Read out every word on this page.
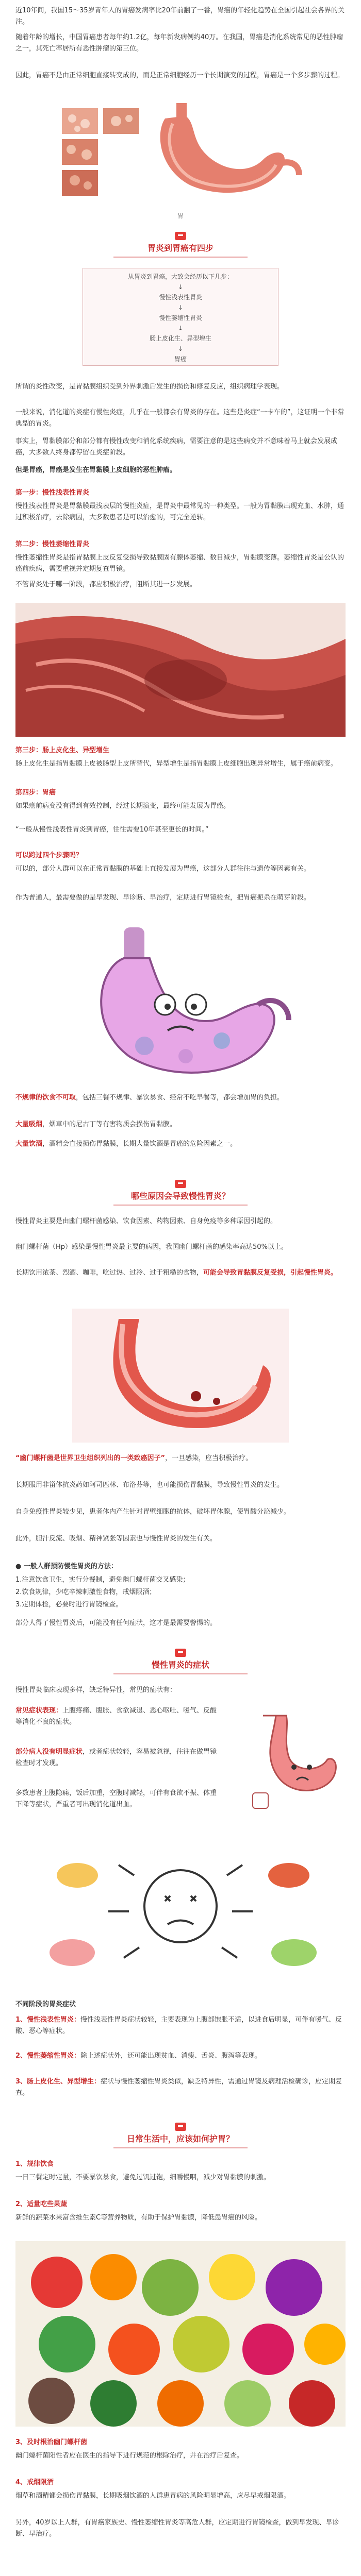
近10年间，我国15～35岁青年人的胃癌发病率比20年前翻了一番，胃癌的年轻化趋势在全国引起社会各界的关注。

随着年龄的增长，中国胃癌患者每年约1.2亿，每年新发病例约40万。在我国，胃癌是消化系统常见的恶性肿瘤之一，其死亡率居所有恶性肿瘤的第三位。

因此，胃癌不是由正常细胞直接转变成的，而是正常细胞经历一个长期演变的过程，胃癌是一个多步骤的过程。

胃
胃炎到胃癌有四步
从胃炎到胃癌，大致会经历以下几步：
↓
慢性浅表性胃炎
↓
慢性萎缩性胃炎
↓
肠上皮化生、异型增生
↓
胃癌

所谓的炎性改变，是胃黏膜组织受到外界刺激后发生的损伤和修复反应，组织病理学表现。

一般来说，消化道的炎症有慢性炎症，几乎在一般都会有胃炎的存在。这些是炎症“一卡车的”，这证明一个非常典型的胃炎。

事实上，胃黏膜部分和部分都有慢性改变和消化系统疾病，需要注意的是这些病变并不意味着马上就会发展成癌，大多数人终身都停留在炎症阶段。

但是胃癌，胃癌是发生在胃黏膜上皮细胞的恶性肿瘤。

第一步：慢性浅表性胃炎

慢性浅表性胃炎是胃黏膜最浅表层的慢性炎症，是胃炎中最常见的一种类型。一般为胃黏膜出现充血、水肿，通过积极治疗，去除病因，大多数患者是可以治愈的，可完全逆转。

第二步：慢性萎缩性胃炎

慢性萎缩性胃炎是指胃黏膜上皮反复受损导致黏膜固有腺体萎缩、数目减少，胃黏膜变薄。萎缩性胃炎是公认的癌前疾病，需要重视并定期复查胃镜。

不管胃炎处于哪一阶段，都应积极治疗，阻断其进一步发展。

第三步：肠上皮化生、异型增生

肠上皮化生是指胃黏膜上皮被肠型上皮所替代，异型增生是指胃黏膜上皮细胞出现异常增生，属于癌前病变。

第四步：胃癌

如果癌前病变没有得到有效控制，经过长期演变，最终可能发展为胃癌。

“一般从慢性浅表性胃炎到胃癌，往往需要10年甚至更长的时间。”

可以跨过四个步骤吗？

可以的，部分人群可以在正常胃黏膜的基础上直接发展为胃癌，这部分人群往往与遗传等因素有关。

作为普通人，最需要做的是早发现、早诊断、早治疗，定期进行胃镜检查，把胃癌扼杀在萌芽阶段。

不规律的饮食不可取，包括三餐不规律、暴饮暴食、经常不吃早餐等，都会增加胃的负担。

大量吸烟，烟草中的尼古丁等有害物质会损伤胃黏膜。

大量饮酒，酒精会直接损伤胃黏膜，长期大量饮酒是胃癌的危险因素之一。

哪些原因会导致慢性胃炎？

慢性胃炎主要是由幽门螺杆菌感染、饮食因素、药物因素、自身免疫等多种原因引起的。

幽门螺杆菌（Hp）感染是慢性胃炎最主要的病因，我国幽门螺杆菌的感染率高达50%以上。

长期饮用浓茶、烈酒、咖啡，吃过热、过冷、过于粗糙的食物，可能会导致胃黏膜反复受损，引起慢性胃炎。

“幽门螺杆菌是世界卫生组织列出的一类致癌因子”，一旦感染，应当积极治疗。

长期服用非甾体抗炎药如阿司匹林、布洛芬等，也可能损伤胃黏膜，导致慢性胃炎的发生。

自身免疫性胃炎较少见，患者体内产生针对胃壁细胞的抗体，破坏胃体腺，使胃酸分泌减少。

此外，胆汁反流、吸烟、精神紧张等因素也与慢性胃炎的发生有关。

● 一般人群预防慢性胃炎的方法：

1.注意饮食卫生，实行分餐制，避免幽门螺杆菌交叉感染；

2.饮食规律，少吃辛辣刺激性食物，戒烟限酒；

3.定期体检，必要时进行胃镜检查。

部分人得了慢性胃炎后，可能没有任何症状，这才是最需要警惕的。

慢性胃炎的症状

慢性胃炎临床表现多样，缺乏特异性，常见的症状有：

常见症状表现：上腹疼痛、腹胀、食欲减退、恶心呕吐、嗳气、反酸等消化不良的症状。

部分病人没有明显症状，或者症状较轻，容易被忽视，往往在做胃镜检查时才发现。

多数患者上腹隐痛，饭后加重，空腹时减轻，可伴有食欲不振、体重下降等症状，严重者可出现消化道出血。

不同阶段的胃炎症状

1、慢性浅表性胃炎：慢性浅表性胃炎症状较轻，主要表现为上腹部饱胀不适，以进食后明显，可伴有嗳气、反酸、恶心等症状。

2、慢性萎缩性胃炎：除上述症状外，还可能出现贫血、消瘦、舌炎、腹泻等表现。

3、肠上皮化生、异型增生：症状与慢性萎缩性胃炎类似，缺乏特异性，需通过胃镜及病理活检确诊，应定期复查。

日常生活中，应该如何护胃？
1、规律饮食

一日三餐定时定量，不要暴饮暴食，避免过饥过饱，细嚼慢咽，减少对胃黏膜的刺激。

2、适量吃些果蔬

新鲜的蔬菜水果富含维生素C等营养物质，有助于保护胃黏膜，降低患胃癌的风险。

3、及时根治幽门螺杆菌

幽门螺杆菌阳性者应在医生的指导下进行规范的根除治疗，并在治疗后复查。

4、戒烟限酒

烟草和酒精都会损伤胃黏膜，长期吸烟饮酒的人群患胃病的风险明显增高，应尽早戒烟限酒。

另外，40岁以上人群，有胃癌家族史、慢性萎缩性胃炎等高危人群，应定期进行胃镜检查，做到早发现、早诊断、早治疗。
